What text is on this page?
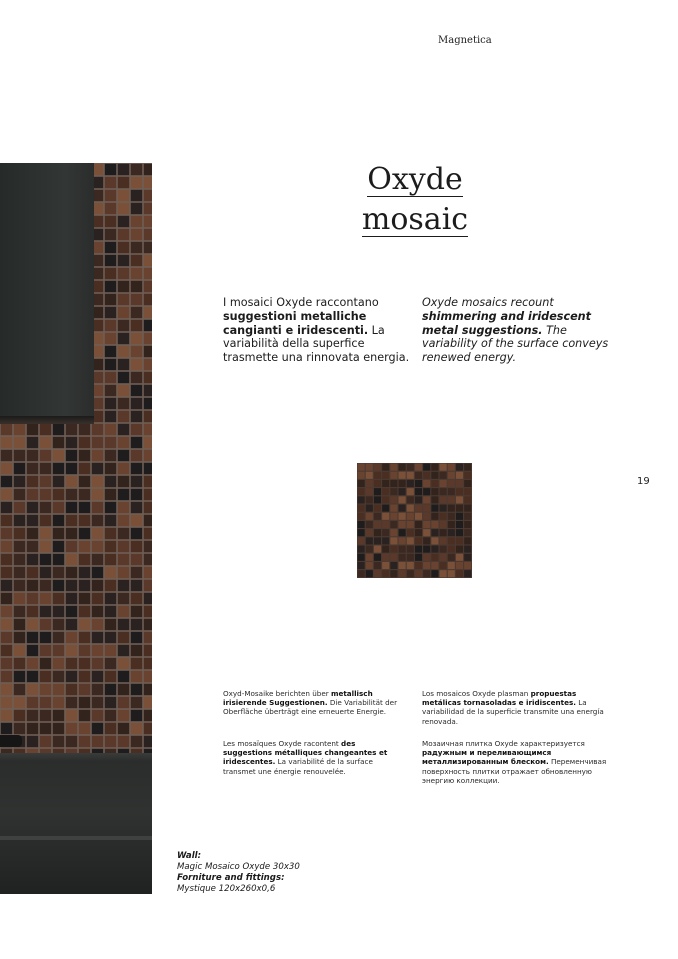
Magnetica
19
Oxyde
mosaic
I mosaici Oxyde raccontano suggestioni metalliche cangianti e iridescenti. La variabilità della superfice trasmette una rinnovata energia.
Oxyde mosaics recount shimmering and iridescent metal suggestions. The variability of the surface conveys renewed energy.
Oxyd-Mosaike berichten über metallisch irisierende Suggestionen. Die Variabilität der Oberfläche überträgt eine erneuerte Energie.
Les mosaïques Oxyde racontent des suggestions métalliques changeantes et iridescentes. La variabilité de la surface transmet une énergie renouvelée.
Los mosaicos Oxyde plasman propuestas metálicas tornasoladas e iridiscentes. La variabilidad de la superficie transmite una energía renovada.
Мозаичная плитка Oxyde характеризуется радужным и переливающимся металлизированным блеском. Переменчивая поверхность плитки отражает обновленную энергию коллекции.
Wall:
Magic Mosaico Oxyde 30x30
Forniture and fittings:
Mystique 120x260x0,6
